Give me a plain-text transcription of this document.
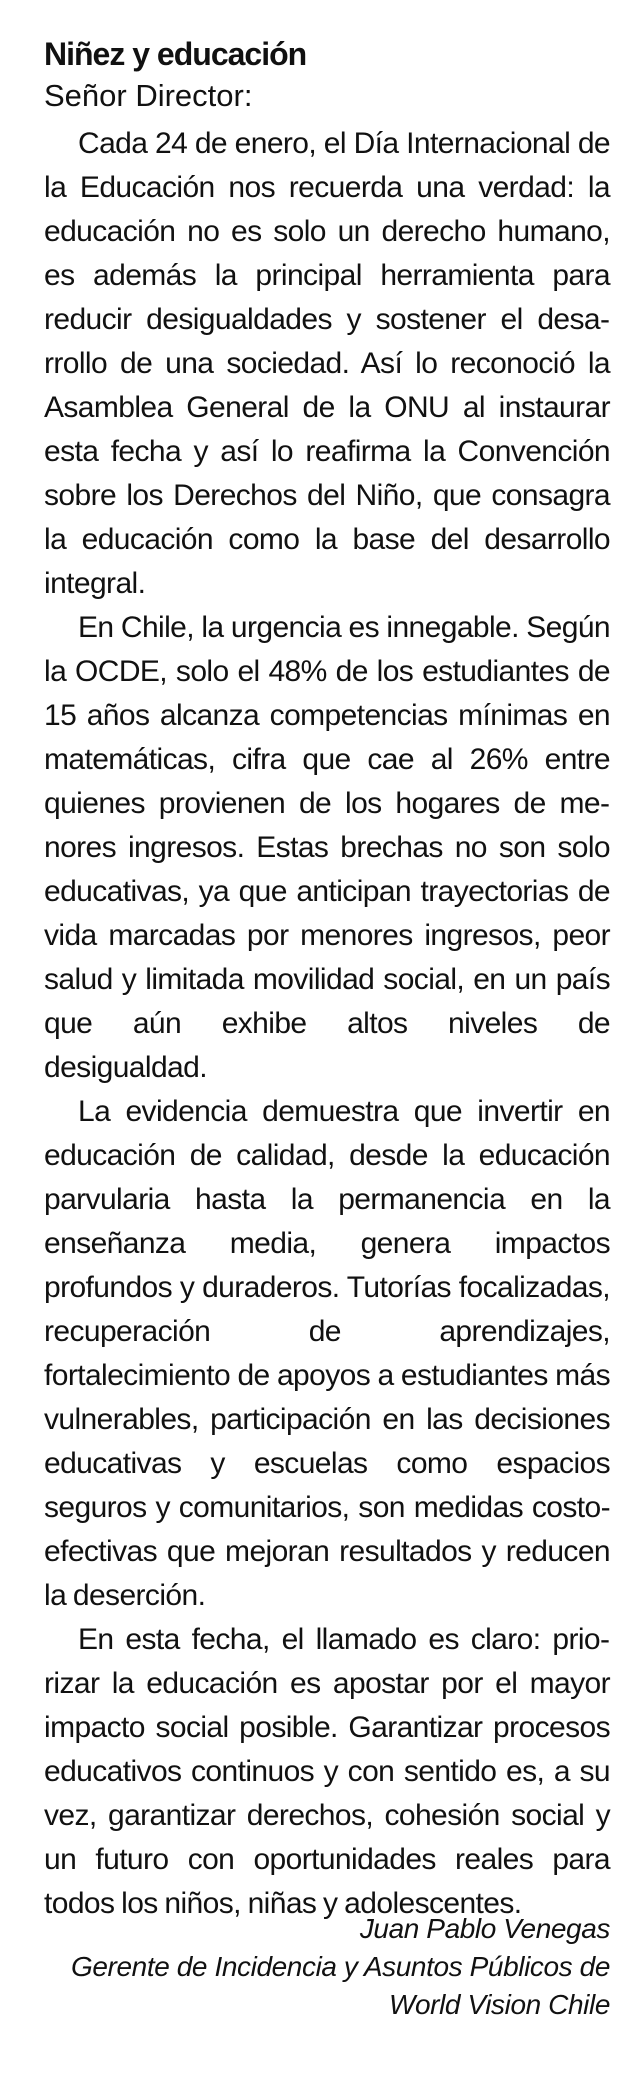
Niñez y educación

Señor Director:

Cada 24 de enero, el Día Internacional de la Educación nos recuerda una verdad: la educación no es solo un derecho humano, es además la principal herramienta para reducir desigualdades y sostener el desarrollo de una sociedad. Así lo reconoció la Asamblea General de la ONU al instaurar esta fecha y así lo reafirma la Convención sobre los Derechos del Niño, que consagra la educación como la base del desarrollo integral.

En Chile, la urgencia es innegable. Según la OCDE, solo el 48% de los estudiantes de 15 años alcanza competencias mínimas en matemáticas, cifra que cae al 26% entre quienes provienen de los hogares de menores ingresos. Estas brechas no son solo educativas, ya que anticipan trayectorias de vida marcadas por menores ingresos, peor salud y limitada movilidad social, en un país que aún exhibe altos niveles de desigualdad.

La evidencia demuestra que invertir en educación de calidad, desde la educación parvularia hasta la permanencia en la enseñanza media, genera impactos profundos y duraderos. Tutorías focalizadas, recuperación de aprendizajes, fortalecimiento de apoyos a estudiantes más vulnerables, participación en las decisiones educativas y escuelas como espacios seguros y comunitarios, son medidas costo-efectivas que mejoran resultados y reducen la deserción.

En esta fecha, el llamado es claro: priorizar la educación es apostar por el mayor impacto social posible. Garantizar procesos educativos continuos y con sentido es, a su vez, garantizar derechos, cohesión social y un futuro con oportunidades reales para todos los niños, niñas y adolescentes.

Juan Pablo Venegas
Gerente de Incidencia y Asuntos Públicos de
World Vision Chile
